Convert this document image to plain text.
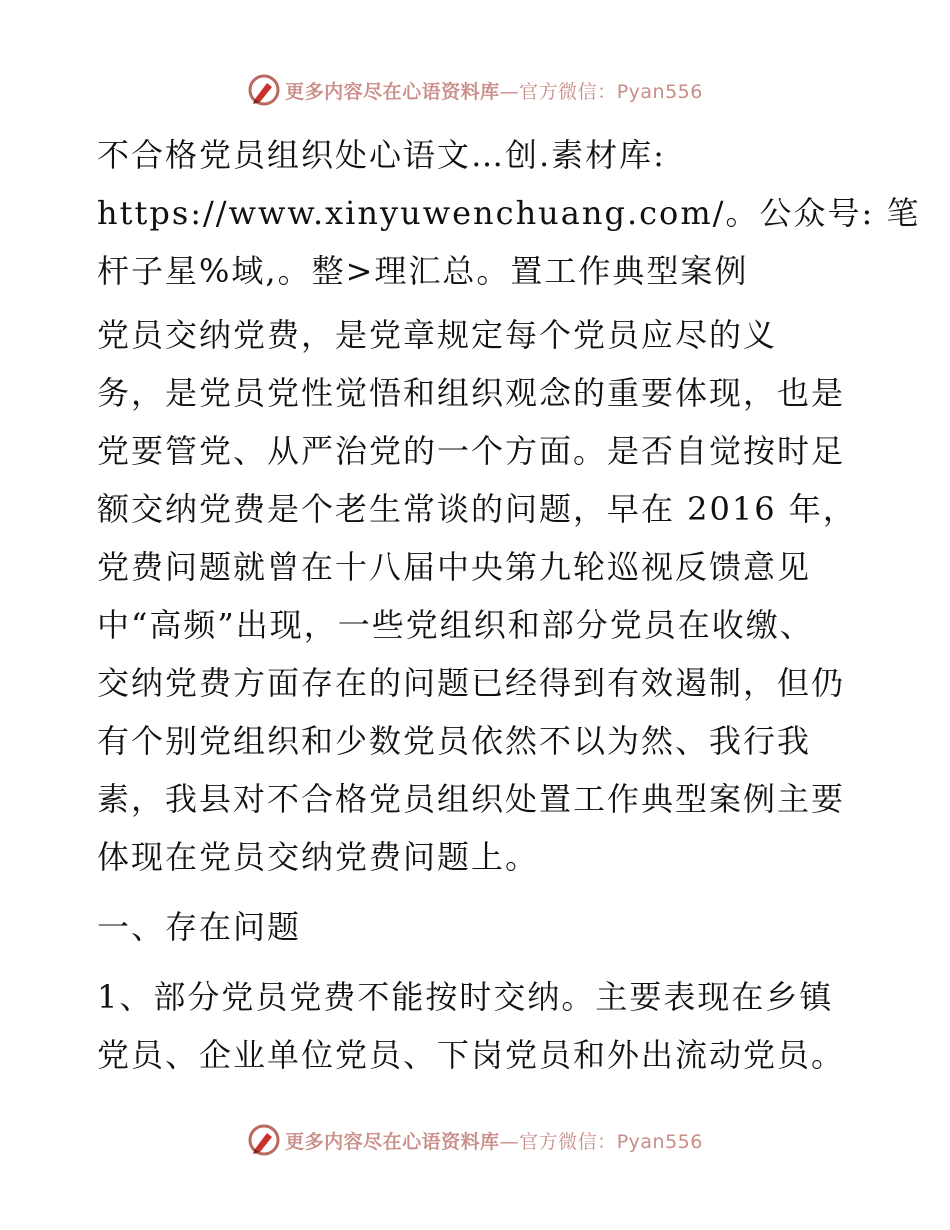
更多内容尽在心语资料库—官方微信：Pyan556

不合格党员组织处心语文…创.素材库:
https://www.xinyuwenchuang.com/。公众号: 笔
杆子星%域,。整>理汇总。置工作典型案例

党员交纳党费，是党章规定每个党员应尽的义
务，是党员党性觉悟和组织观念的重要体现，也是
党要管党、从严治党的一个方面。是否自觉按时足
额交纳党费是个老生常谈的问题，早在 2016 年，
党费问题就曾在十八届中央第九轮巡视反馈意见
中“高频”出现，一些党组织和部分党员在收缴、
交纳党费方面存在的问题已经得到有效遏制，但仍
有个别党组织和少数党员依然不以为然、我行我
素，我县对不合格党员组织处置工作典型案例主要
体现在党员交纳党费问题上。

一、存在问题

1、部分党员党费不能按时交纳。主要表现在乡镇
党员、企业单位党员、下岗党员和外出流动党员。

更多内容尽在心语资料库—官方微信：Pyan556
